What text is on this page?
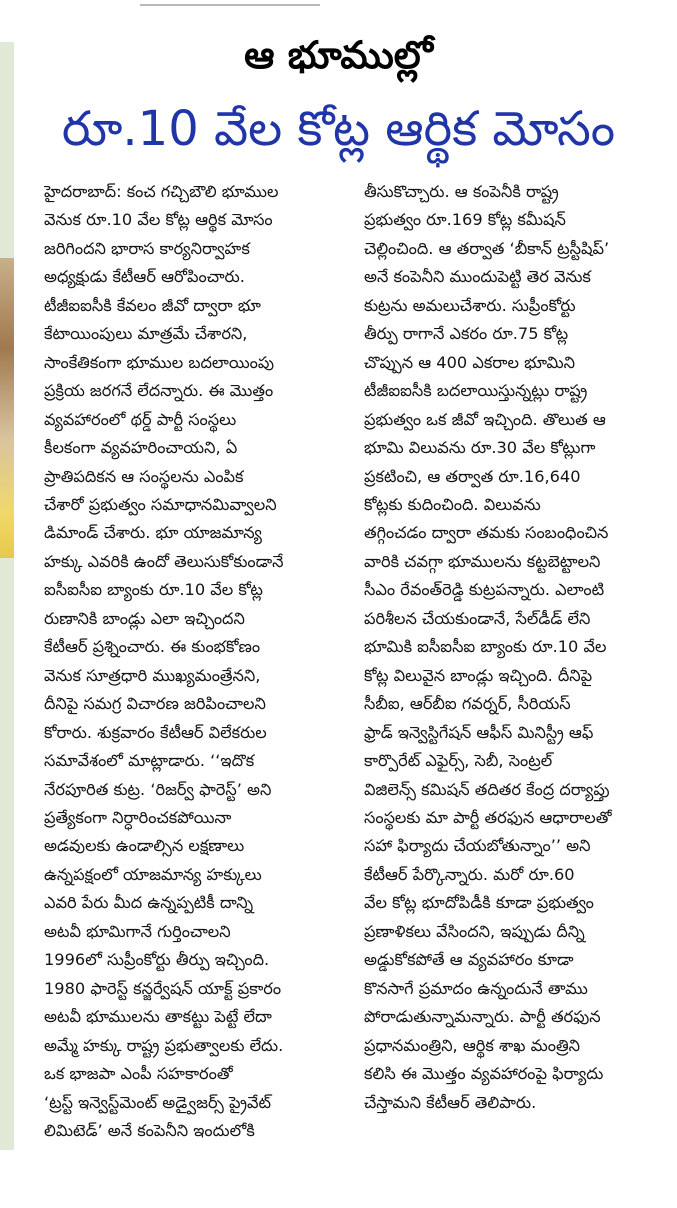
ఆ భూముల్లో
రూ.10 వేల కోట్ల ఆర్థిక మోసం
హైదరాబాద్: కంచ గచ్చిబౌలి భూముల
వెనుక రూ.10 వేల కోట్ల ఆర్థిక మోసం
జరిగిందని భారాస కార్యనిర్వాహక
అధ్యక్షుడు కేటీఆర్ ఆరోపించారు.
టీజీఐఐసీకి కేవలం జీవో ద్వారా భూ
కేటాయింపులు మాత్రమే చేశారని,
సాంకేతికంగా భూముల బదలాయింపు
ప్రక్రియ జరగనే లేదన్నారు. ఈ మొత్తం
వ్యవహారంలో థర్డ్ పార్టీ సంస్థలు
కీలకంగా వ్యవహరించాయని, ఏ
ప్రాతిపదికన ఆ సంస్థలను ఎంపిక
చేశారో ప్రభుత్వం సమాధానమివ్వాలని
డిమాండ్ చేశారు. భూ యాజమాన్య
హక్కు ఎవరికి ఉందో తెలుసుకోకుండానే
ఐసీఐసీఐ బ్యాంకు రూ.10 వేల కోట్ల
రుణానికి బాండ్లు ఎలా ఇచ్చిందని
కేటీఆర్ ప్రశ్నించారు. ఈ కుంభకోణం
వెనుక సూత్రధారి ముఖ్యమంత్రేనని,
దీనిపై సమగ్ర విచారణ జరిపించాలని
కోరారు. శుక్రవారం కేటీఆర్ విలేకరుల
సమావేశంలో మాట్లాడారు. ‘‘ఇదొక
నేరపూరిత కుట్ర. ‘రిజర్వ్ ఫారెస్ట్’ అని
ప్రత్యేకంగా నిర్ధారించకపోయినా
అడవులకు ఉండాల్సిన లక్షణాలు
ఉన్నపక్షంలో యాజమాన్య హక్కులు
ఎవరి పేరు మీద ఉన్నప్పటికీ దాన్ని
అటవీ భూమిగానే గుర్తించాలని
1996లో సుప్రీంకోర్టు తీర్పు ఇచ్చింది.
1980 ఫారెస్ట్ కన్జర్వేషన్ యాక్ట్ ప్రకారం
అటవీ భూములను తాకట్టు పెట్టే లేదా
అమ్మే హక్కు రాష్ట్ర ప్రభుత్వాలకు లేదు.
ఒక భాజపా ఎంపీ సహకారంతో
‘ట్రస్ట్ ఇన్వెస్ట్‌మెంట్ అడ్వైజర్స్ ప్రైవేట్
లిమిటెడ్’ అనే కంపెనీని ఇందులోకి
తీసుకొచ్చారు. ఆ కంపెనీకి రాష్ట్ర
ప్రభుత్వం రూ.169 కోట్ల కమీషన్
చెల్లించింది. ఆ తర్వాత ‘బీకాన్ ట్రస్టీషిప్’
అనే కంపెనీని ముందుపెట్టి తెర వెనుక
కుట్రను అమలుచేశారు. సుప్రీంకోర్టు
తీర్పు రాగానే ఎకరం రూ.75 కోట్ల
చొప్పున ఆ 400 ఎకరాల భూమిని
టీజీఐఐసీకి బదలాయిస్తున్నట్లు రాష్ట్ర
ప్రభుత్వం ఒక జీవో ఇచ్చింది. తొలుత ఆ
భూమి విలువను రూ.30 వేల కోట్లుగా
ప్రకటించి, ఆ తర్వాత రూ.16,640
కోట్లకు కుదించింది. విలువను
తగ్గించడం ద్వారా తమకు సంబంధించిన
వారికి చవగ్గా భూములను కట్టబెట్టాలని
సీఎం రేవంత్‌రెడ్డి కుట్రపన్నారు. ఎలాంటి
పరిశీలన చేయకుండానే, సేల్‌డీడ్ లేని
భూమికి ఐసీఐసీఐ బ్యాంకు రూ.10 వేల
కోట్ల విలువైన బాండ్లు ఇచ్చింది. దీనిపై
సీబీఐ, ఆర్‌బీఐ గవర్నర్, సీరియస్
ఫ్రాడ్ ఇన్వెస్టిగేషన్ ఆఫీస్ మినిస్ట్రీ ఆఫ్
కార్పొరేట్ ఎఫైర్స్, సెబీ, సెంట్రల్
విజిలెన్స్ కమిషన్ తదితర కేంద్ర దర్యాప్తు
సంస్థలకు మా పార్టీ తరఫున ఆధారాలతో
సహా ఫిర్యాదు చేయబోతున్నాం’’ అని
కేటీఆర్ పేర్కొన్నారు. మరో రూ.60
వేల కోట్ల భూదోపిడీకి కూడా ప్రభుత్వం
ప్రణాళికలు వేసిందని, ఇప్పుడు దీన్ని
అడ్డుకోకపోతే ఆ వ్యవహారం కూడా
కొనసాగే ప్రమాదం ఉన్నందునే తాము
పోరాడుతున్నామన్నారు. పార్టీ తరఫున
ప్రధానమంత్రిని, ఆర్థిక శాఖ మంత్రిని
కలిసి ఈ మొత్తం వ్యవహారంపై ఫిర్యాదు
చేస్తామని కేటీఆర్ తెలిపారు.
